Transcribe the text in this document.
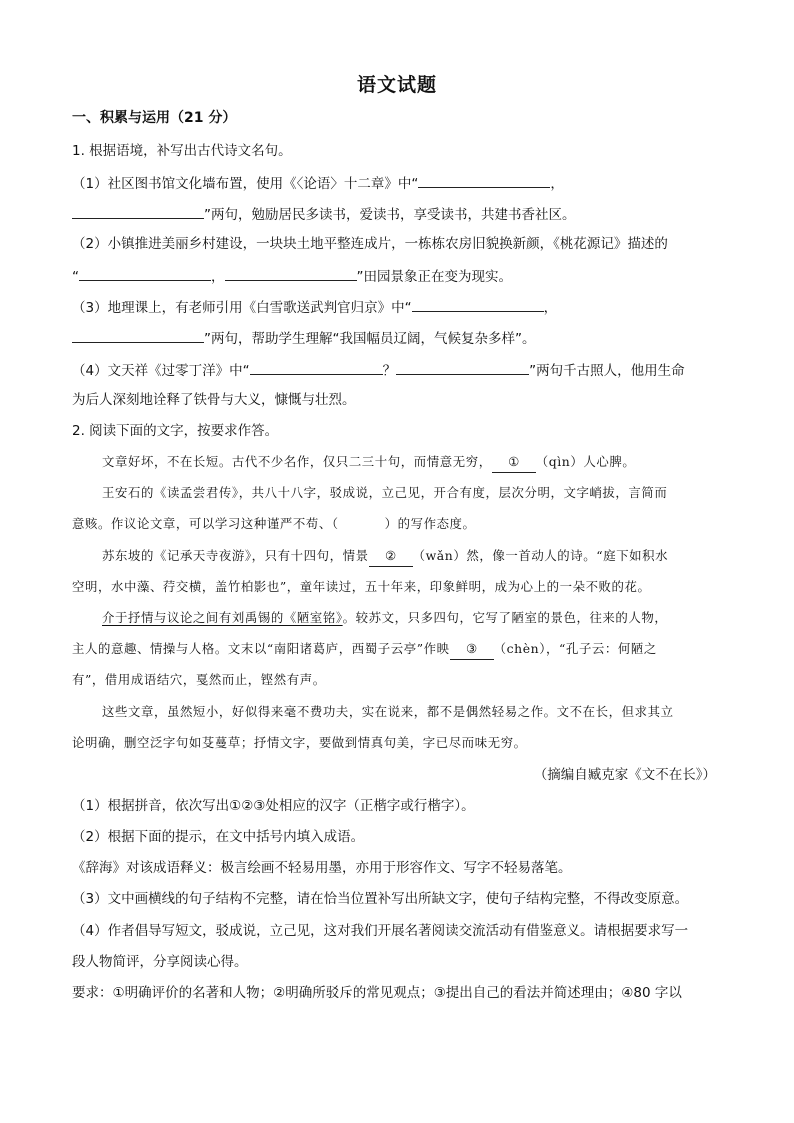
语文试题
一、积累与运用（21 分）
1. 根据语境，补写出古代诗文名句。
（1）社区图书馆文化墙布置，使用《〈论语〉十二章》中“	，
”两句，勉励居民多读书，爱读书，享受读书，共建书香社区。
（2）小镇推进美丽乡村建设，一块块土地平整连成片，一栋栋农房旧貌换新颜，《桃花源记》描述的
“	，	”田园景象正在变为现实。
（3）地理课上，有老师引用《白雪歌送武判官归京》中“	，
”两句，帮助学生理解“我国幅员辽阔，气候复杂多样”。
（4）文天祥《过零丁洋》中“	？	”两句千古照人，他用生命
为后人深刻地诠释了铁骨与大义，慷慨与壮烈。
2. 阅读下面的文字，按要求作答。
文章好坏，不在长短。古代不少名作，仅只二三十句，而情意无穷， ① （qìn）人心脾。
王安石的《读孟尝君传》，共八十八字，驳成说，立己见，开合有度，层次分明，文字峭拔，言简而
意赅。作议论文章，可以学习这种谨严不苟、（	）的写作态度。
苏东坡的《记承天寺夜游》，只有十四句，情景 ② （wǎn）然，像一首动人的诗。“庭下如积水
空明，水中藻、荇交横，盖竹柏影也”，童年读过，五十年来，印象鲜明，成为心上的一朵不败的花。
介于抒情与议论之间有刘禹锡的《陋室铭》。较苏文，只多四句，它写了陋室的景色，往来的人物，
主人的意趣、情操与人格。文末以“南阳诸葛庐，西蜀子云亭”作映 ③ （chèn），“孔子云：何陋之
有”，借用成语结穴，戛然而止，铿然有声。
这些文章，虽然短小，好似得来毫不费功夫，实在说来，都不是偶然轻易之作。文不在长，但求其立
论明确，删空泛字句如芟蔓草；抒情文字，要做到情真句美，字已尽而味无穷。
（摘编自臧克家《文不在长》）
（1）根据拼音，依次写出①②③处相应的汉字（正楷字或行楷字）。
（2）根据下面的提示，在文中括号内填入成语。
《辞海》对该成语释义：极言绘画不轻易用墨，亦用于形容作文、写字不轻易落笔。
（3）文中画横线的句子结构不完整，请在恰当位置补写出所缺文字，使句子结构完整，不得改变原意。
（4）作者倡导写短文，驳成说，立己见，这对我们开展名著阅读交流活动有借鉴意义。请根据要求写一
段人物简评，分享阅读心得。
要求：①明确评价的名著和人物；②明确所驳斥的常见观点；③提出自己的看法并简述理由；④80 字以
